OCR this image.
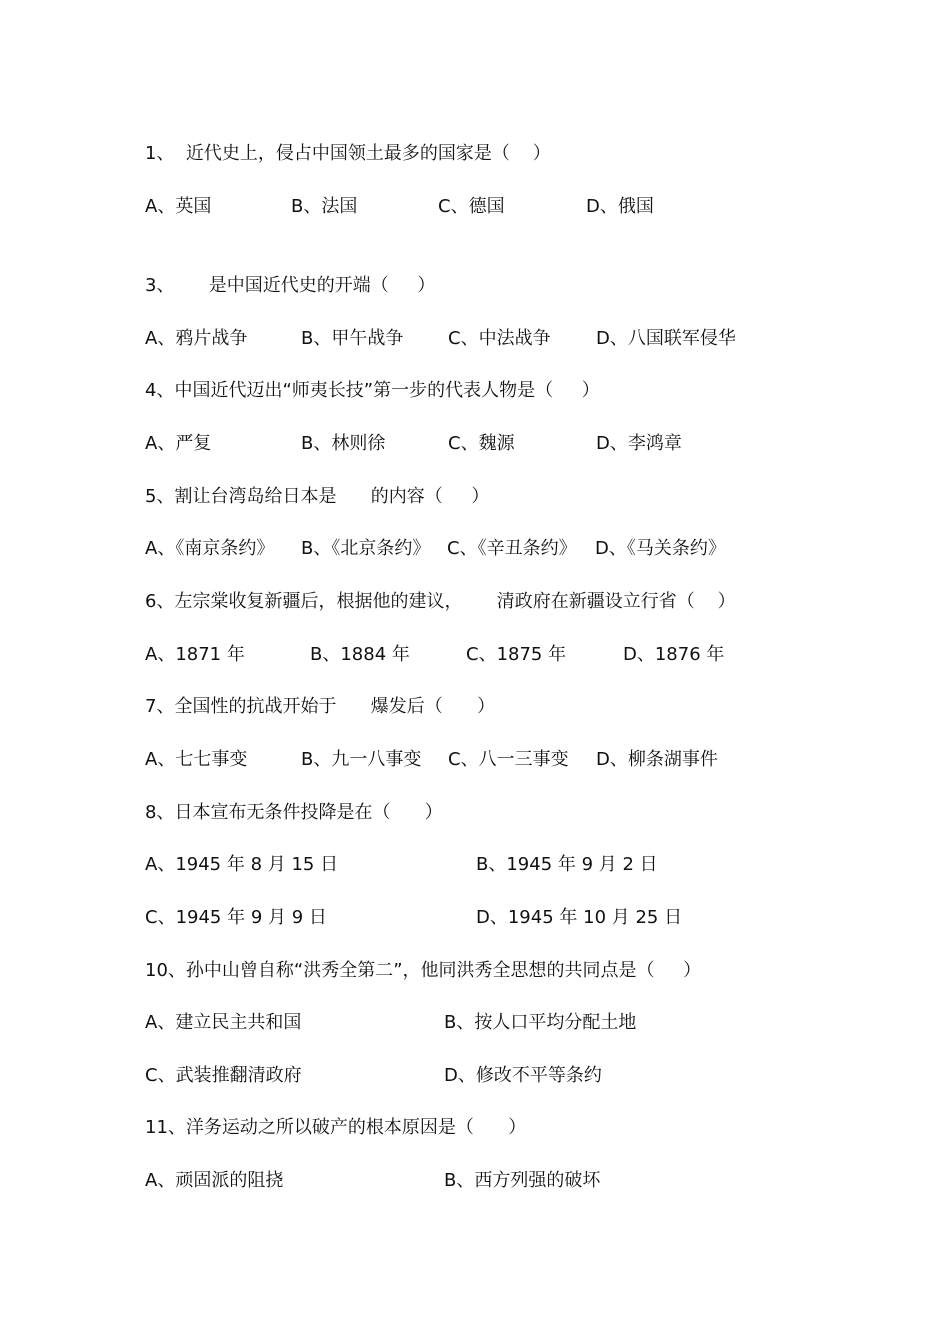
1、  近代史上，侵占中国领土最多的国家是（    ）
A、英国	B、法国	C、德国	D、俄国
3、      是中国近代史的开端（     ）
A、鸦片战争	B、甲午战争 C、中法战争	D、八国联军侵华
4、中国近代迈出“师夷长技”第一步的代表人物是（     ）
A、严复	B、林则徐	C、魏源	D、李鸿章
5、割让台湾岛给日本是      的内容（     ）
A、《南京条约》 B、《北京条约》 C、《辛丑条约》 D、《马关条约》
6、左宗棠收复新疆后，根据他的建议，      清政府在新疆设立行省（    ）
A、1871 年	B、1884 年	C、1875 年	D、1876 年
7、全国性的抗战开始于      爆发后（      ）
A、七七事变	B、九一八事变 C、八一三事变 D、柳条湖事件
8、日本宣布无条件投降是在（      ）
A、1945 年 8 月 15 日	B、1945 年 9 月 2 日
C、1945 年 9 月 9 日	D、1945 年 10 月 25 日
10、孙中山曾自称“洪秀全第二”，他同洪秀全思想的共同点是（     ）
A、建立民主共和国	B、按人口平均分配土地
C、武装推翻清政府	D、修改不平等条约
11、洋务运动之所以破产的根本原因是（      ）
A、顽固派的阻挠	B、西方列强的破坏
